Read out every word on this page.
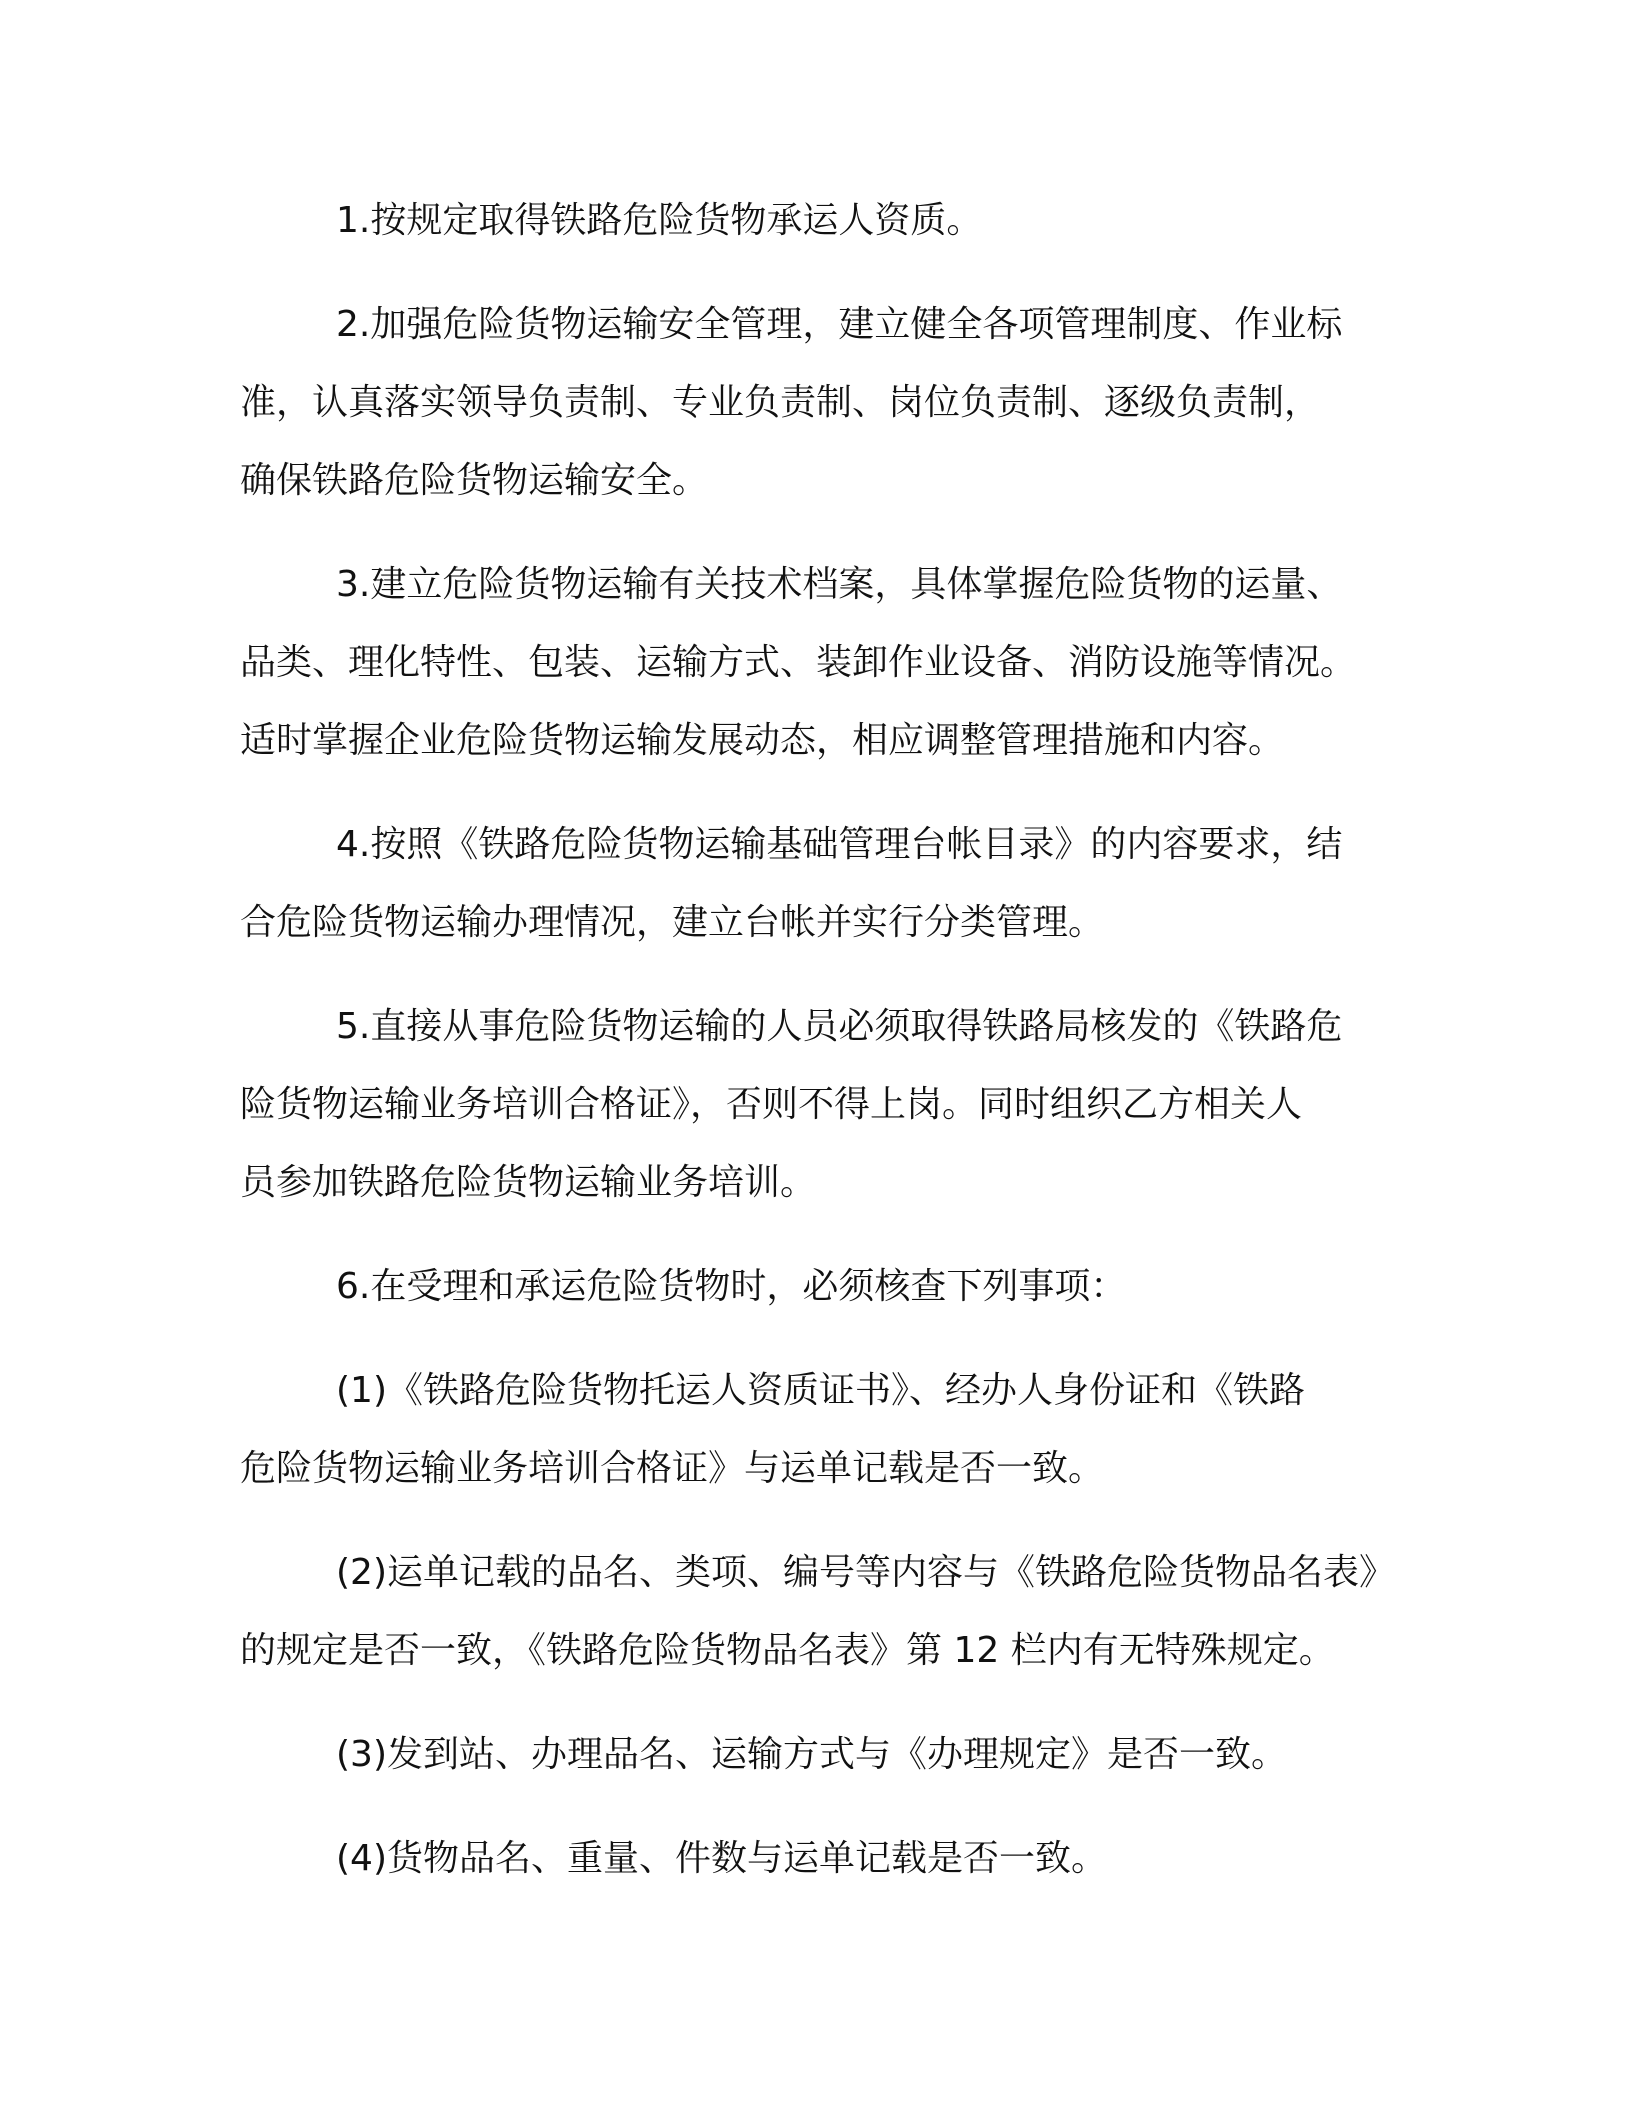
1.按规定取得铁路危险货物承运人资质。
2.加强危险货物运输安全管理，建立健全各项管理制度、作业标
准，认真落实领导负责制、专业负责制、岗位负责制、逐级负责制，
确保铁路危险货物运输安全。
3.建立危险货物运输有关技术档案，具体掌握危险货物的运量、
品类、理化特性、包装、运输方式、装卸作业设备、消防设施等情况。
适时掌握企业危险货物运输发展动态，相应调整管理措施和内容。
4.按照《铁路危险货物运输基础管理台帐目录》的内容要求，结
合危险货物运输办理情况，建立台帐并实行分类管理。
5.直接从事危险货物运输的人员必须取得铁路局核发的《铁路危
险货物运输业务培训合格证》，否则不得上岗。同时组织乙方相关人
员参加铁路危险货物运输业务培训。
6.在受理和承运危险货物时，必须核查下列事项：
(1)《铁路危险货物托运人资质证书》、经办人身份证和《铁路
危险货物运输业务培训合格证》与运单记载是否一致。
(2)运单记载的品名、类项、编号等内容与《铁路危险货物品名表》
的规定是否一致，《铁路危险货物品名表》第 12 栏内有无特殊规定。
(3)发到站、办理品名、运输方式与《办理规定》是否一致。
(4)货物品名、重量、件数与运单记载是否一致。
